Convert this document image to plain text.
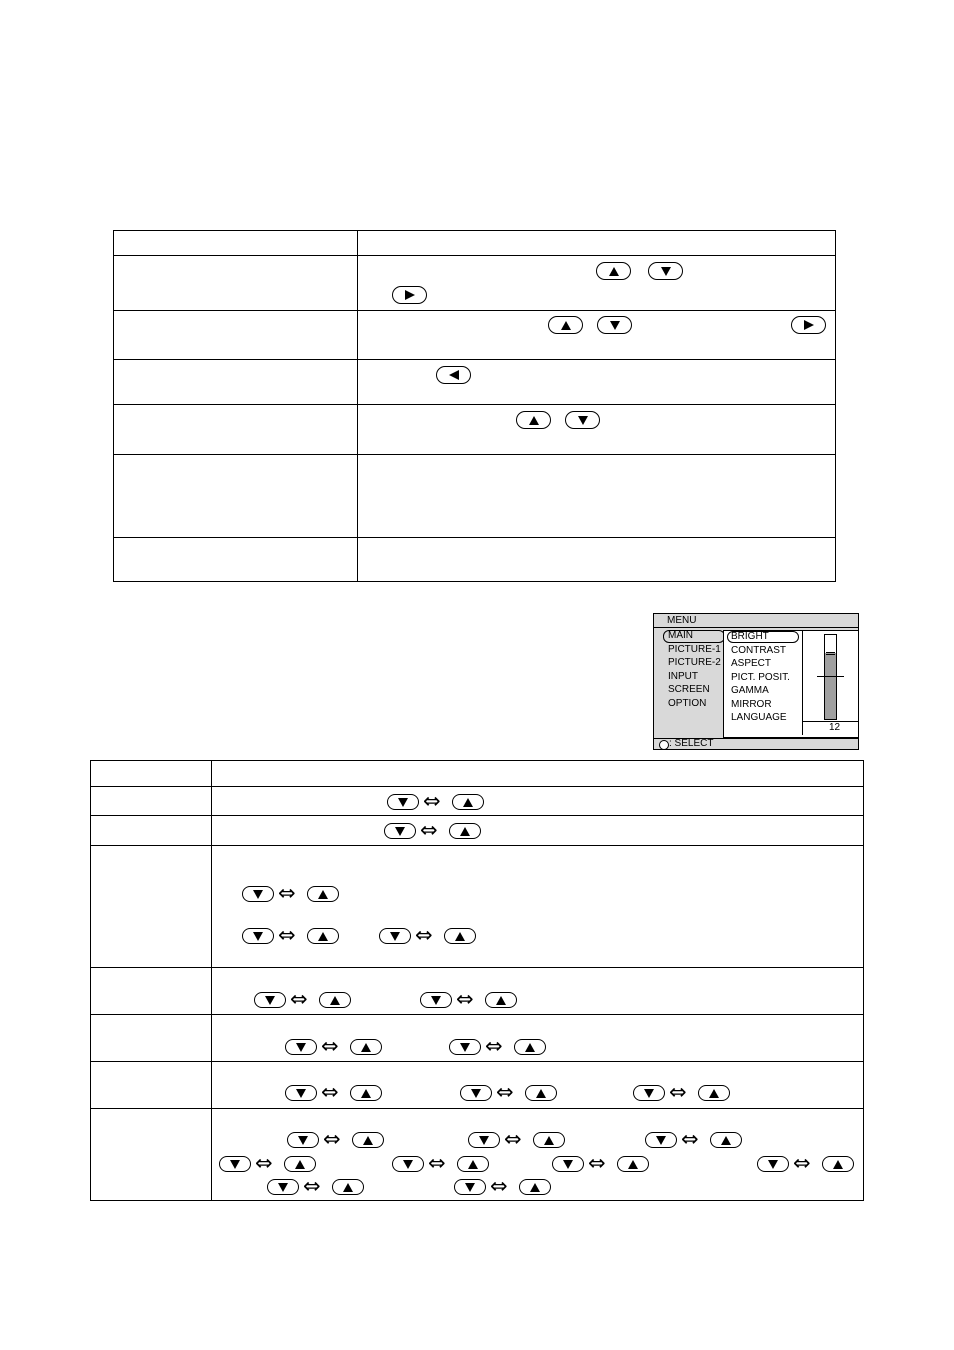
MENU
MAIN
PICTURE-1
PICTURE-2
INPUT
SCREEN
OPTION
BRIGHT
CONTRAST
ASPECT
PICT. POSIT.
GAMMA
MIRROR
LANGUAGE
12
: SELECT
⇔
⇔
⇔
⇔	⇔
⇔	⇔
⇔	⇔
⇔	⇔	⇔
⇔	⇔	⇔
⇔	⇔	⇔	⇔
⇔	⇔
